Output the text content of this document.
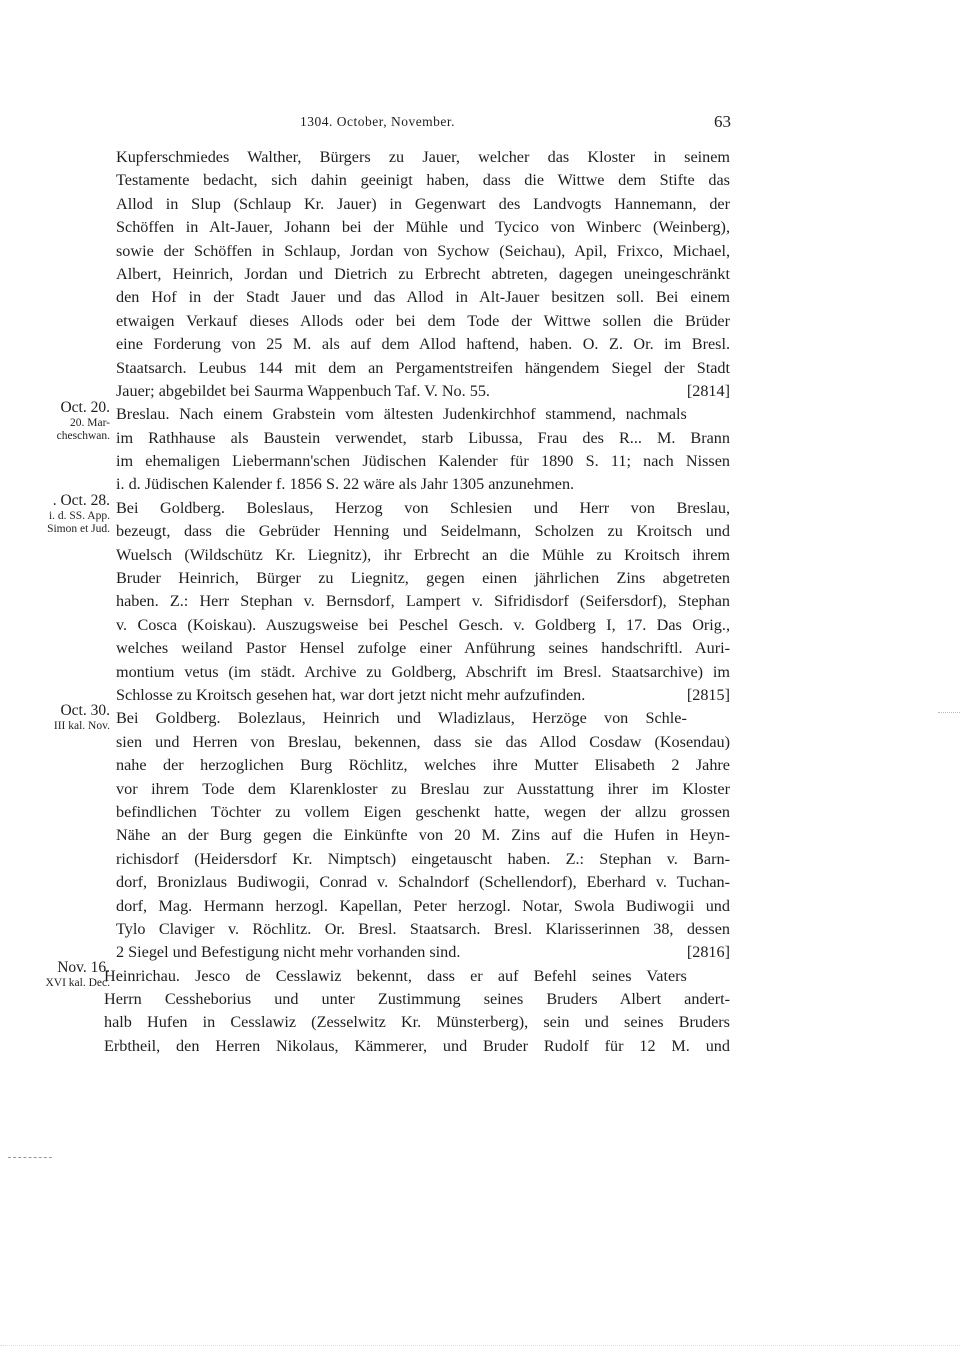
1304. October, November.	63
Kupferschmiedes Walther, Bürgers zu Jauer, welcher das Kloster in seinem
Testamente bedacht, sich dahin geeinigt haben, dass die Wittwe dem Stifte das
Allod in Slup (Schlaup Kr. Jauer) in Gegenwart des Landvogts Hannemann, der
Schöffen in Alt-Jauer, Johann bei der Mühle und Tycico von Winberc (Weinberg),
sowie der Schöffen in Schlaup, Jordan von Sychow (Seichau), Apil, Frixco, Michael,
Albert, Heinrich, Jordan und Dietrich zu Erbrecht abtreten, dagegen uneingeschränkt
den Hof in der Stadt Jauer und das Allod in Alt-Jauer besitzen soll. Bei einem
etwaigen Verkauf dieses Allods oder bei dem Tode der Wittwe sollen die Brüder
eine Forderung von 25 M. als auf dem Allod haftend, haben. O. Z. Or. im Bresl.
Staatsarch. Leubus 144 mit dem an Pergamentstreifen hängendem Siegel der Stadt
Jauer; abgebildet bei Saurma Wappenbuch Taf. V. No. 55.	[2814]
Breslau. Nach einem Grabstein vom ältesten Judenkirchhof stammend, nachmals
im Rathhause als Baustein verwendet, starb Libussa, Frau des R... M. Brann
im ehemaligen Liebermann'schen Jüdischen Kalender für 1890 S. 11; nach Nissen
i. d. Jüdischen Kalender f. 1856 S. 22 wäre als Jahr 1305 anzunehmen.
Bei Goldberg. Boleslaus, Herzog von Schlesien und Herr von Breslau,
bezeugt, dass die Gebrüder Henning und Seidelmann, Scholzen zu Kroitsch und
Wuelsch (Wildschütz Kr. Liegnitz), ihr Erbrecht an die Mühle zu Kroitsch ihrem
Bruder Heinrich, Bürger zu Liegnitz, gegen einen jährlichen Zins abgetreten
haben. Z.: Herr Stephan v. Bernsdorf, Lampert v. Sifridisdorf (Seifersdorf), Stephan
v. Cosca (Koiskau). Auszugsweise bei Peschel Gesch. v. Goldberg I, 17. Das Orig.,
welches weiland Pastor Hensel zufolge einer Anführung seines handschriftl. Auri-
montium vetus (im städt. Archive zu Goldberg, Abschrift im Bresl. Staatsarchive) im
Schlosse zu Kroitsch gesehen hat, war dort jetzt nicht mehr aufzufinden.	[2815]
Bei Goldberg. Bolezlaus, Heinrich und Wladizlaus, Herzöge von Schle-
sien und Herren von Breslau, bekennen, dass sie das Allod Cosdaw (Kosendau)
nahe der herzoglichen Burg Röchlitz, welches ihre Mutter Elisabeth 2 Jahre
vor ihrem Tode dem Klarenkloster zu Breslau zur Ausstattung ihrer im Kloster
befindlichen Töchter zu vollem Eigen geschenkt hatte, wegen der allzu grossen
Nähe an der Burg gegen die Einkünfte von 20 M. Zins auf die Hufen in Heyn-
richisdorf (Heidersdorf Kr. Nimptsch) eingetauscht haben. Z.: Stephan v. Barn-
dorf, Bronizlaus Budiwogii, Conrad v. Schalndorf (Schellendorf), Eberhard v. Tuchan-
dorf, Mag. Hermann herzogl. Kapellan, Peter herzogl. Notar, Swola Budiwogii und
Tylo Claviger v. Röchlitz. Or. Bresl. Staatsarch. Bresl. Klarisserinnen 38, dessen
2 Siegel und Befestigung nicht mehr vorhanden sind.	[2816]
Heinrichau. Jesco de Cesslawiz bekennt, dass er auf Befehl seines Vaters
Herrn Cessheborius und unter Zustimmung seines Bruders Albert andert-
halb Hufen in Cesslawiz (Zesselwitz Kr. Münsterberg), sein und seines Bruders
Erbtheil, den Herren Nikolaus, Kämmerer, und Bruder Rudolf für 12 M. und
Oct. 20.
20. Mar-
cheschwan.
. Oct. 28.
i. d. SS. App.
Simon et Jud.
Oct. 30.
III kal. Nov.
Nov. 16.
XVI kal. Dec.
